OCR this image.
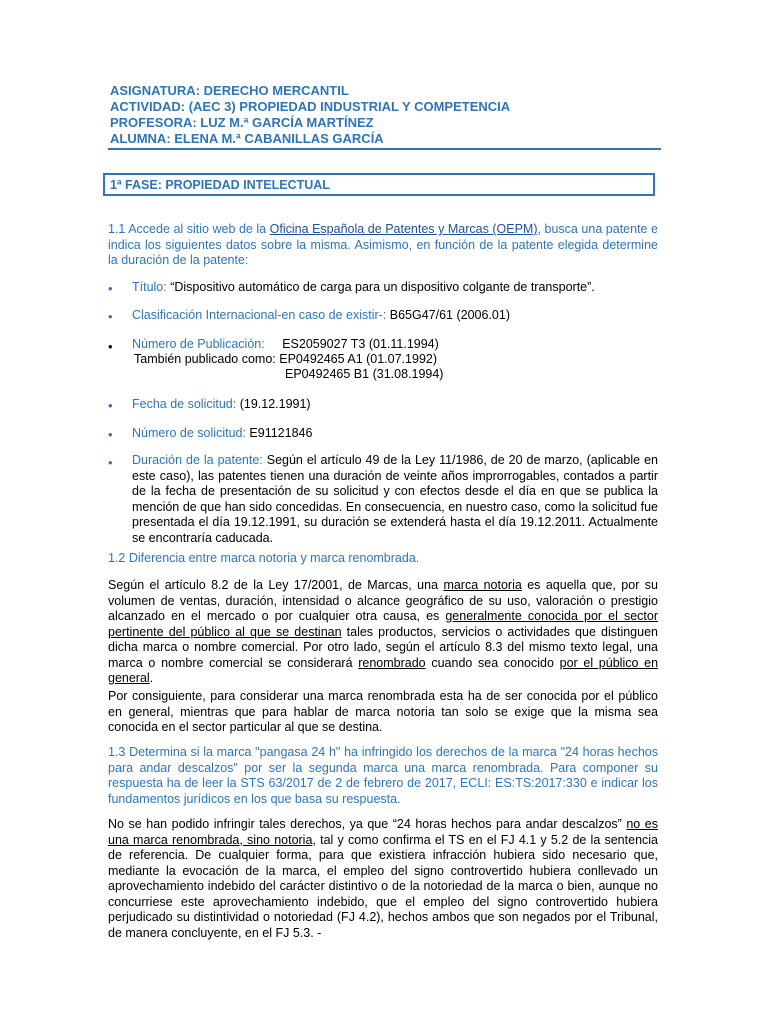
ASIGNATURA: DERECHO MERCANTIL
ACTIVIDAD: (AEC 3) PROPIEDAD INDUSTRIAL Y COMPETENCIA
PROFESORA: LUZ M.ª GARCÍA MARTÍNEZ
ALUMNA: ELENA M.ª CABANILLAS GARCÍA
1ª FASE: PROPIEDAD INTELECTUAL
1.1 Accede al sitio web de la Oficina Española de Patentes y Marcas (OEPM), busca una patente e indica los siguientes datos sobre la misma. Asimismo, en función de la patente elegida determine la duración de la patente:
•	Título: “Dispositivo automático de carga para un dispositivo colgante de transporte”.
•	Clasificación Internacional-en caso de existir-: B65G47/61 (2006.01)
•	Número de Publicación: ES2059027 T3 (01.11.1994)
También publicado como: EP0492465 A1 (01.07.1992)
EP0492465 B1 (31.08.1994)
•	Fecha de solicitud: (19.12.1991)
•	Número de solicitud: E91121846
•	Duración de la patente: Según el artículo 49 de la Ley 11/1986, de 20 de marzo, (aplicable en este caso), las patentes tienen una duración de veinte años improrrogables, contados a partir de la fecha de presentación de su solicitud y con efectos desde el día en que se publica la mención de que han sido concedidas. En consecuencia, en nuestro caso, como la solicitud fue presentada el día 19.12.1991, su duración se extenderá hasta el día 19.12.2011. Actualmente se encontraría caducada.
1.2 Diferencia entre marca notoria y marca renombrada.
Según el artículo 8.2 de la Ley 17/2001, de Marcas, una marca notoria es aquella que, por su volumen de ventas, duración, intensidad o alcance geográfico de su uso, valoración o prestigio alcanzado en el mercado o por cualquier otra causa, es generalmente conocida por el sector pertinente del público al que se destinan tales productos, servicios o actividades que distinguen dicha marca o nombre comercial. Por otro lado, según el artículo 8.3 del mismo texto legal, una marca o nombre comercial se considerará renombrado cuando sea conocido por el público en general.
Por consiguiente, para considerar una marca renombrada esta ha de ser conocida por el público en general, mientras que para hablar de marca notoria tan solo se exige que la misma sea conocida en el sector particular al que se destina.
1.3 Determina si la marca "pangasa 24 h" ha infringido los derechos de la marca "24 horas hechos para andar descalzos" por ser la segunda marca una marca renombrada. Para componer su respuesta ha de leer la STS 63/2017 de 2 de febrero de 2017, ECLI: ES:TS:2017:330 e indicar los fundamentos jurídicos en los que basa su respuesta.
No se han podido infringir tales derechos, ya que “24 horas hechos para andar descalzos” no es una marca renombrada, sino notoria, tal y como confirma el TS en el FJ 4.1 y 5.2 de la sentencia de referencia. De cualquier forma, para que existiera infracción hubiera sido necesario que, mediante la evocación de la marca, el empleo del signo controvertido hubiera conllevado un aprovechamiento indebido del carácter distintivo o de la notoriedad de la marca o bien, aunque no concurriese este aprovechamiento indebido, que el empleo del signo controvertido hubiera perjudicado su distintividad o notoriedad (FJ 4.2), hechos ambos que son negados por el Tribunal, de manera concluyente, en el FJ 5.3. -
